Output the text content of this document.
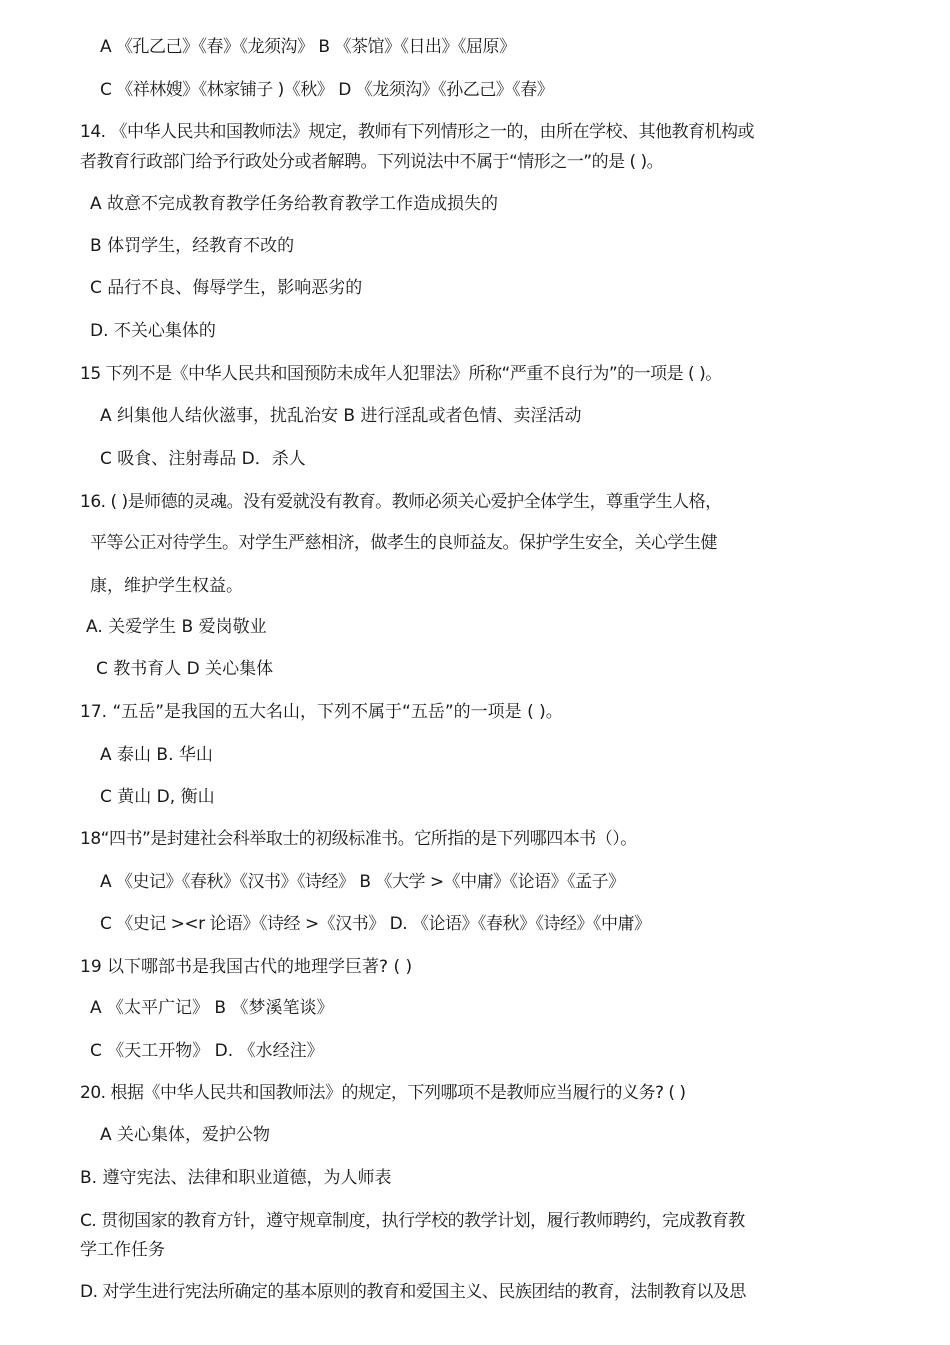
A 《孔乙己》《春》《龙须沟》 B 《茶馆》《日出》《屈原》
C 《祥林嫂》《林家铺子 )《秋》 D 《龙须沟》《孙乙己》《春》
14. 《中华人民共和国教师法》规定，教师有下列情形之一的，由所在学校、其他教育机构或
者教育行政部门给予行政处分或者解聘。下列说法中不属于“情形之一”的是 ( )。
A 故意不完成教育教学任务给教育教学工作造成损失的
B 体罚学生，经教育不改的
C 品行不良、侮辱学生，影响恶劣的
D. 不关心集体的
15 下列不是《中华人民共和国预防未成年人犯罪法》所称“严重不良行为”的一项是 ( )。
A 纠集他人结伙滋事，扰乱治安 B 进行淫乱或者色情、卖淫活动
C 吸食、注射毒品 D．杀人
16. ( )是师德的灵魂。没有爱就没有教育。教师必须关心爱护全体学生，尊重学生人格，
平等公正对待学生。对学生严慈相济，做孝生的良师益友。保护学生安全，关心学生健
康，维护学生权益。
A. 关爱学生 B 爱岗敬业
C 教书育人 D 关心集体
17. “五岳”是我国的五大名山，下列不属于“五岳”的一项是 ( )。
A 泰山 B. 华山
C 黄山 D, 衡山
18“四书”是封建社会科举取士的初级标准书。它所指的是下列哪四本书（）。
A 《史记》《春秋》《汉书》《诗经》 B 《大学 >《中庸》《论语》《孟子》
C 《史记 ><r 论语》《诗经 >《汉书》 D. 《论语》《春秋》《诗经》《中庸》
19 以下哪部书是我国古代的地理学巨著? ( )
A 《太平广记》 B 《梦溪笔谈》
C 《天工开物》 D. 《水经注》
20. 根据《中华人民共和国教师法》的规定，下列哪项不是教师应当履行的义务? ( )
A 关心集体，爱护公物
B. 遵守宪法、法律和职业道德，为人师表
C. 贯彻国家的教育方针，遵守规章制度，执行学校的教学计划，履行教师聘约，完成教育教
学工作任务
D. 对学生进行宪法所确定的基本原则的教育和爱国主义、民族团结的教育，法制教育以及思
